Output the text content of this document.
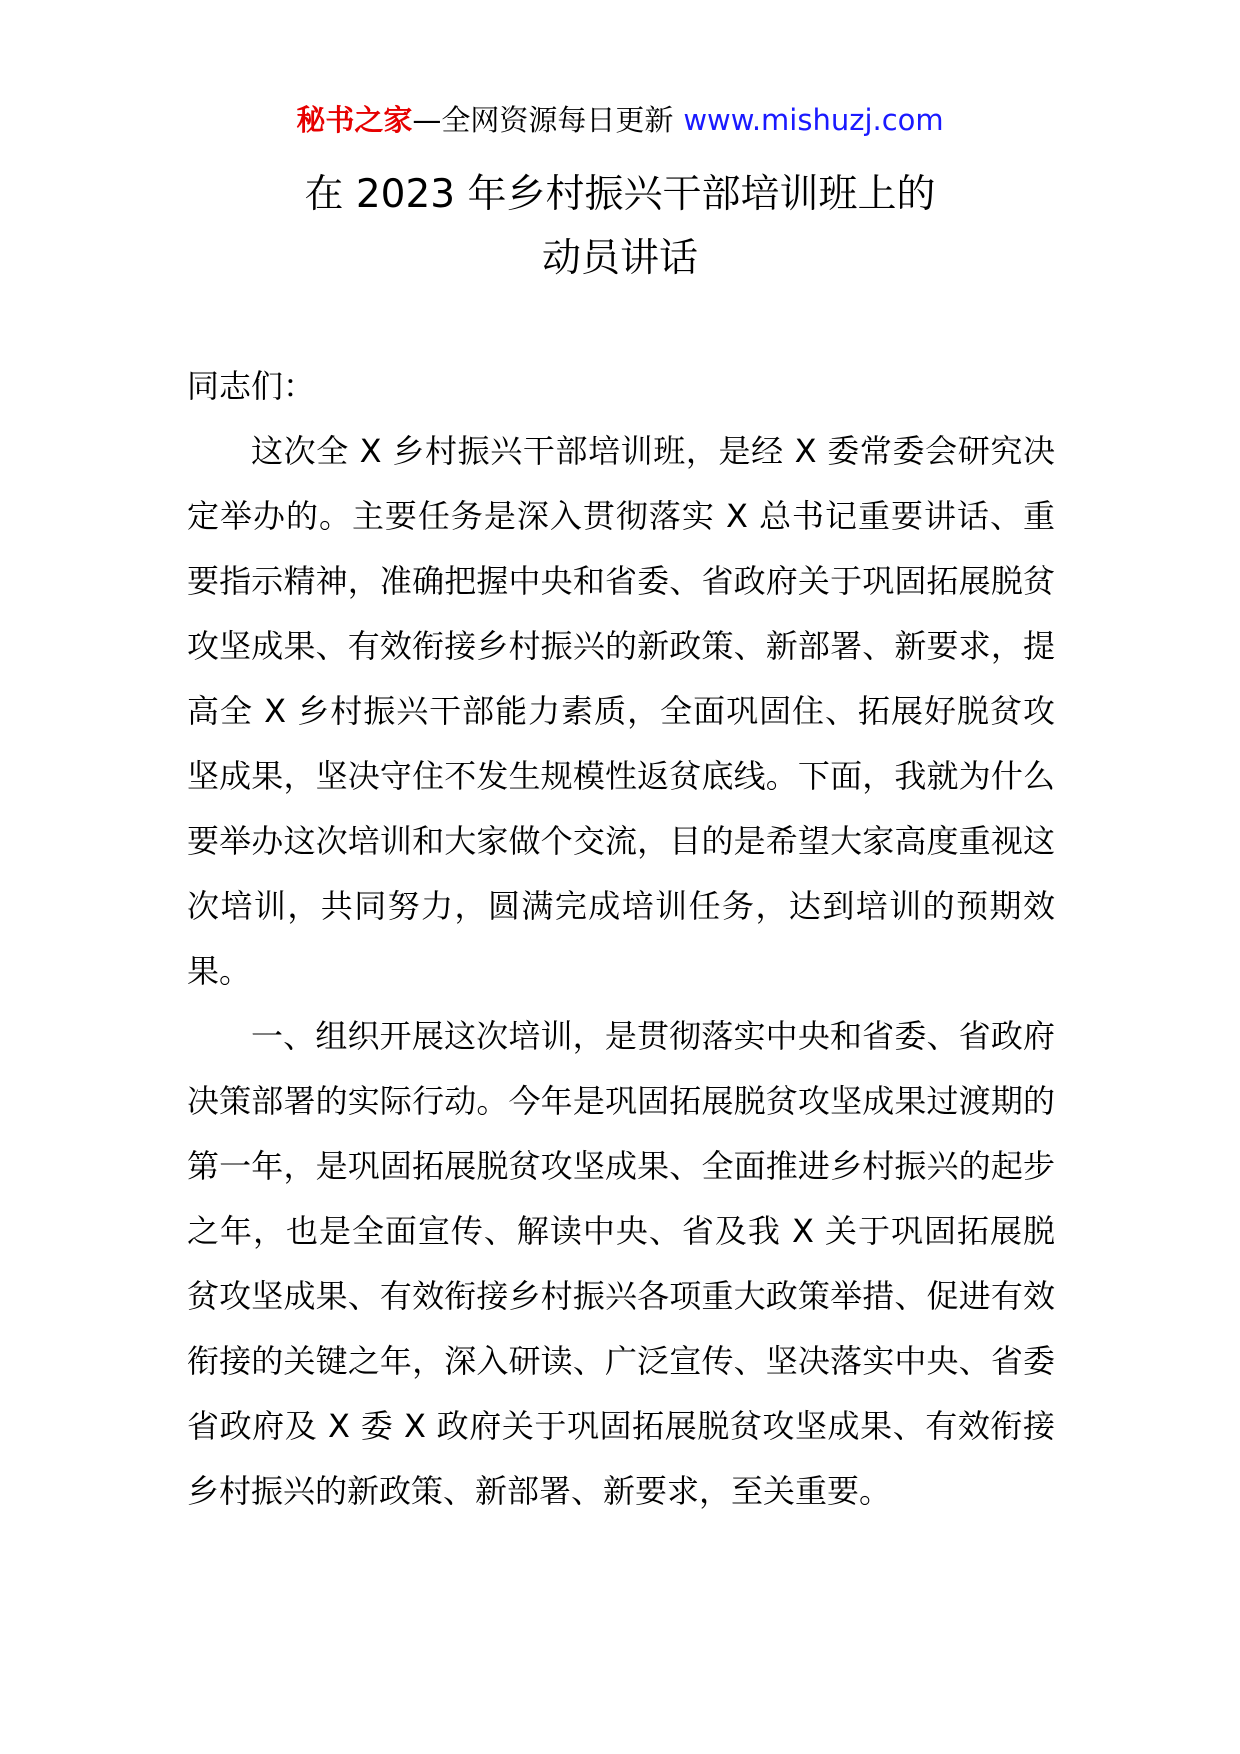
秘书之家—全网资源每日更新 www.mishuzj.com
在 2023 年乡村振兴干部培训班上的
动员讲话

同志们：

这次全 X 乡村振兴干部培训班，是经 X 委常委会研究决定举办的。主要任务是深入贯彻落实 X 总书记重要讲话、重要指示精神，准确把握中央和省委、省政府关于巩固拓展脱贫攻坚成果、有效衔接乡村振兴的新政策、新部署、新要求，提高全 X 乡村振兴干部能力素质，全面巩固住、拓展好脱贫攻坚成果，坚决守住不发生规模性返贫底线。下面，我就为什么要举办这次培训和大家做个交流，目的是希望大家高度重视这次培训，共同努力，圆满完成培训任务，达到培训的预期效果。

一、组织开展这次培训，是贯彻落实中央和省委、省政府决策部署的实际行动。今年是巩固拓展脱贫攻坚成果过渡期的第一年，是巩固拓展脱贫攻坚成果、全面推进乡村振兴的起步之年，也是全面宣传、解读中央、省及我 X 关于巩固拓展脱贫攻坚成果、有效衔接乡村振兴各项重大政策举措、促进有效衔接的关键之年，深入研读、广泛宣传、坚决落实中央、省委省政府及 X 委 X 政府关于巩固拓展脱贫攻坚成果、有效衔接乡村振兴的新政策、新部署、新要求，至关重要。
